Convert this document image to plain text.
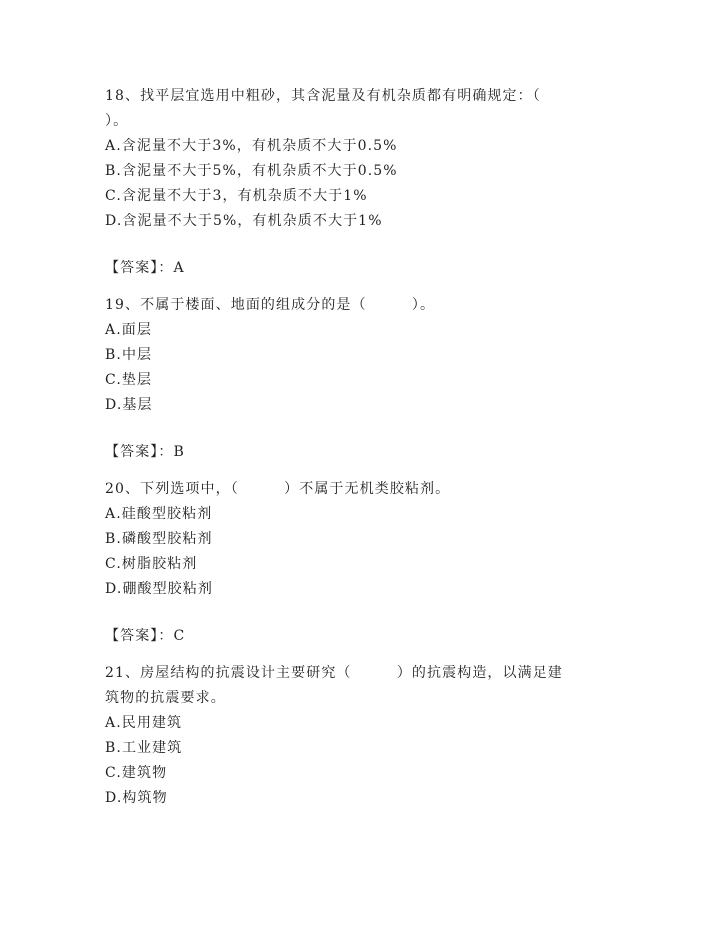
18、找平层宜选用中粗砂，其含泥量及有机杂质都有明确规定：（
）。
A.含泥量不大于3%，有机杂质不大于0.5%
B.含泥量不大于5%，有机杂质不大于0.5%
C.含泥量不大于3，有机杂质不大于1%
D.含泥量不大于5%，有机杂质不大于1%
【答案】：A
19、不属于楼面、地面的组成分的是（　　　）。
A.面层
B.中层
C.垫层
D.基层
【答案】：B
20、下列选项中，（　　　）不属于无机类胶粘剂。
A.硅酸型胶粘剂
B.磷酸型胶粘剂
C.树脂胶粘剂
D.硼酸型胶粘剂
【答案】：C
21、房屋结构的抗震设计主要研究（　　　）的抗震构造，以满足建
筑物的抗震要求。
A.民用建筑
B.工业建筑
C.建筑物
D.构筑物
